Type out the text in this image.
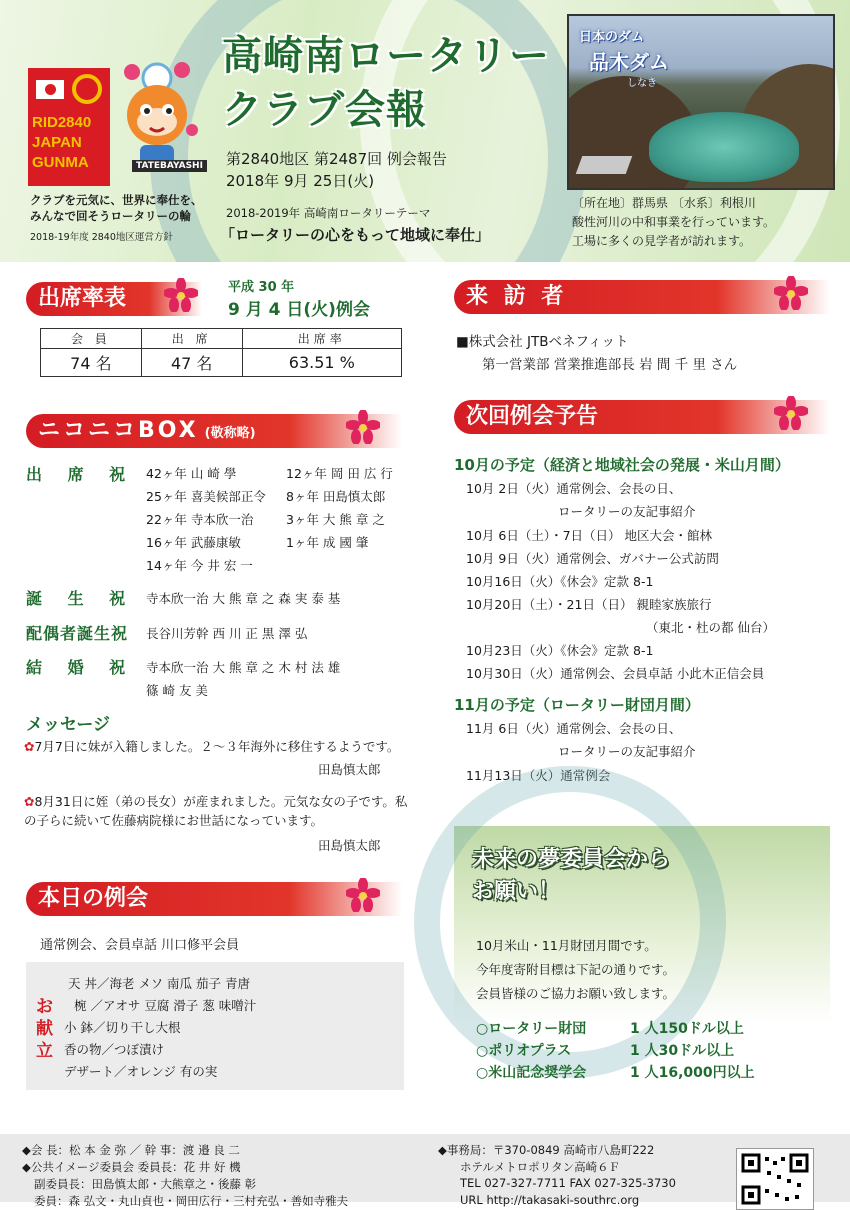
RID2840
JAPAN
GUNMA	TATEBAYASHI
クラブを元気に、世界に奉仕を、
みんなで回そうロータリーの輪
2018-19年度 2840地区運営方針
高崎南ロータリー
クラブ会報
第2840地区 第2487回 例会報告
2018年 9月 25日(火)
2018-2019年 高崎南ロータリーテーマ
「ロータリーの心をもって地域に奉仕」
日本のダム
品木ダム
しなき
〔所在地〕群馬県 〔水系〕利根川
酸性河川の中和事業を行っています。
工場に多くの見学者が訪れます。
出席率表	平成 30 年
9 月 4 日(火)例会
会 員	出 席	出席率
74 名	47 名	63.51 %
ニコニコBOX (敬称略)
出 席 祝 42ヶ年 山 崎 學	12ヶ年 岡 田 広 行
25ヶ年 喜美候部正令 8ヶ年 田島慎太郎
22ヶ年 寺本欣一治	3ヶ年 大 熊 章 之
16ヶ年 武藤康敏	1ヶ年 成 國 肇
14ヶ年 今 井 宏 一
誕 生 祝 寺本欣一治 大 熊 章 之 森 実 泰 基
配偶者誕生祝 長谷川芳幹 西 川 正 黒 澤 弘
結 婚 祝 寺本欣一治 大 熊 章 之 木 村 法 雄
篠 崎 友 美
メッセージ
✿7月7日に妹が入籍しました。２～３年海外に移住するようです。
田島慎太郎
✿8月31日に姪（弟の長女）が産まれました。元気な女の子です。私の子らに続いて佐藤病院様にお世話になっています。
田島慎太郎
本日の例会
通常例会、会員卓話 川口修平会員
お
献
立
天 丼／海老 メソ 南瓜 茄子 青唐
椀 ／アオサ 豆腐 滑子 葱 味噌汁
小 鉢／切り干し大根
香の物／つぼ漬け
デザート／オレンジ 有の実
来 訪 者
■株式会社 JTBベネフィット
第一営業部 営業推進部長 岩 間 千 里 さん
次回例会予告
10月の予定（経済と地域社会の発展・米山月間）
10月 2日（火）通常例会、会長の日、
ロータリーの友記事紹介
10月 6日（土）・7日（日） 地区大会・館林
10月 9日（火）通常例会、ガバナー公式訪問
10月16日（火）《休会》定款 8-1
10月20日（土）・21日（日） 親睦家族旅行
（東北・杜の都 仙台）
10月23日（火）《休会》定款 8-1
10月30日（火）通常例会、会員卓話 小此木正信会員
11月の予定（ロータリー財団月間）
11月 6日（火）通常例会、会長の日、
ロータリーの友記事紹介
11月13日（火）通常例会
未来の夢委員会から
お願い！
10月米山・11月財団月間です。
今年度寄附目標は下記の通りです。
会員皆様のご協力お願い致します。
○ロータリー財団	1 人150ドル以上
○ポリオプラス	1 人30ドル以上
○米山記念奨学会	1 人16,000円以上
◆会 長：松 本 金 弥 ／ 幹 事：渡 邉 良 二
◆公共イメージ委員会 委員長：花 井 好 機
副委員長：田島慎太郎・大熊章之・後藤 彰
委員：森 弘文・丸山貞也・岡田広行・三村充弘・善如寺雅夫
◆事務局：〒370-0849 高崎市八島町222
ホテルメトロポリタン高崎６Ｆ
TEL 027-327-7711 FAX 027-325-3730
URL http://takasaki-southrc.org
